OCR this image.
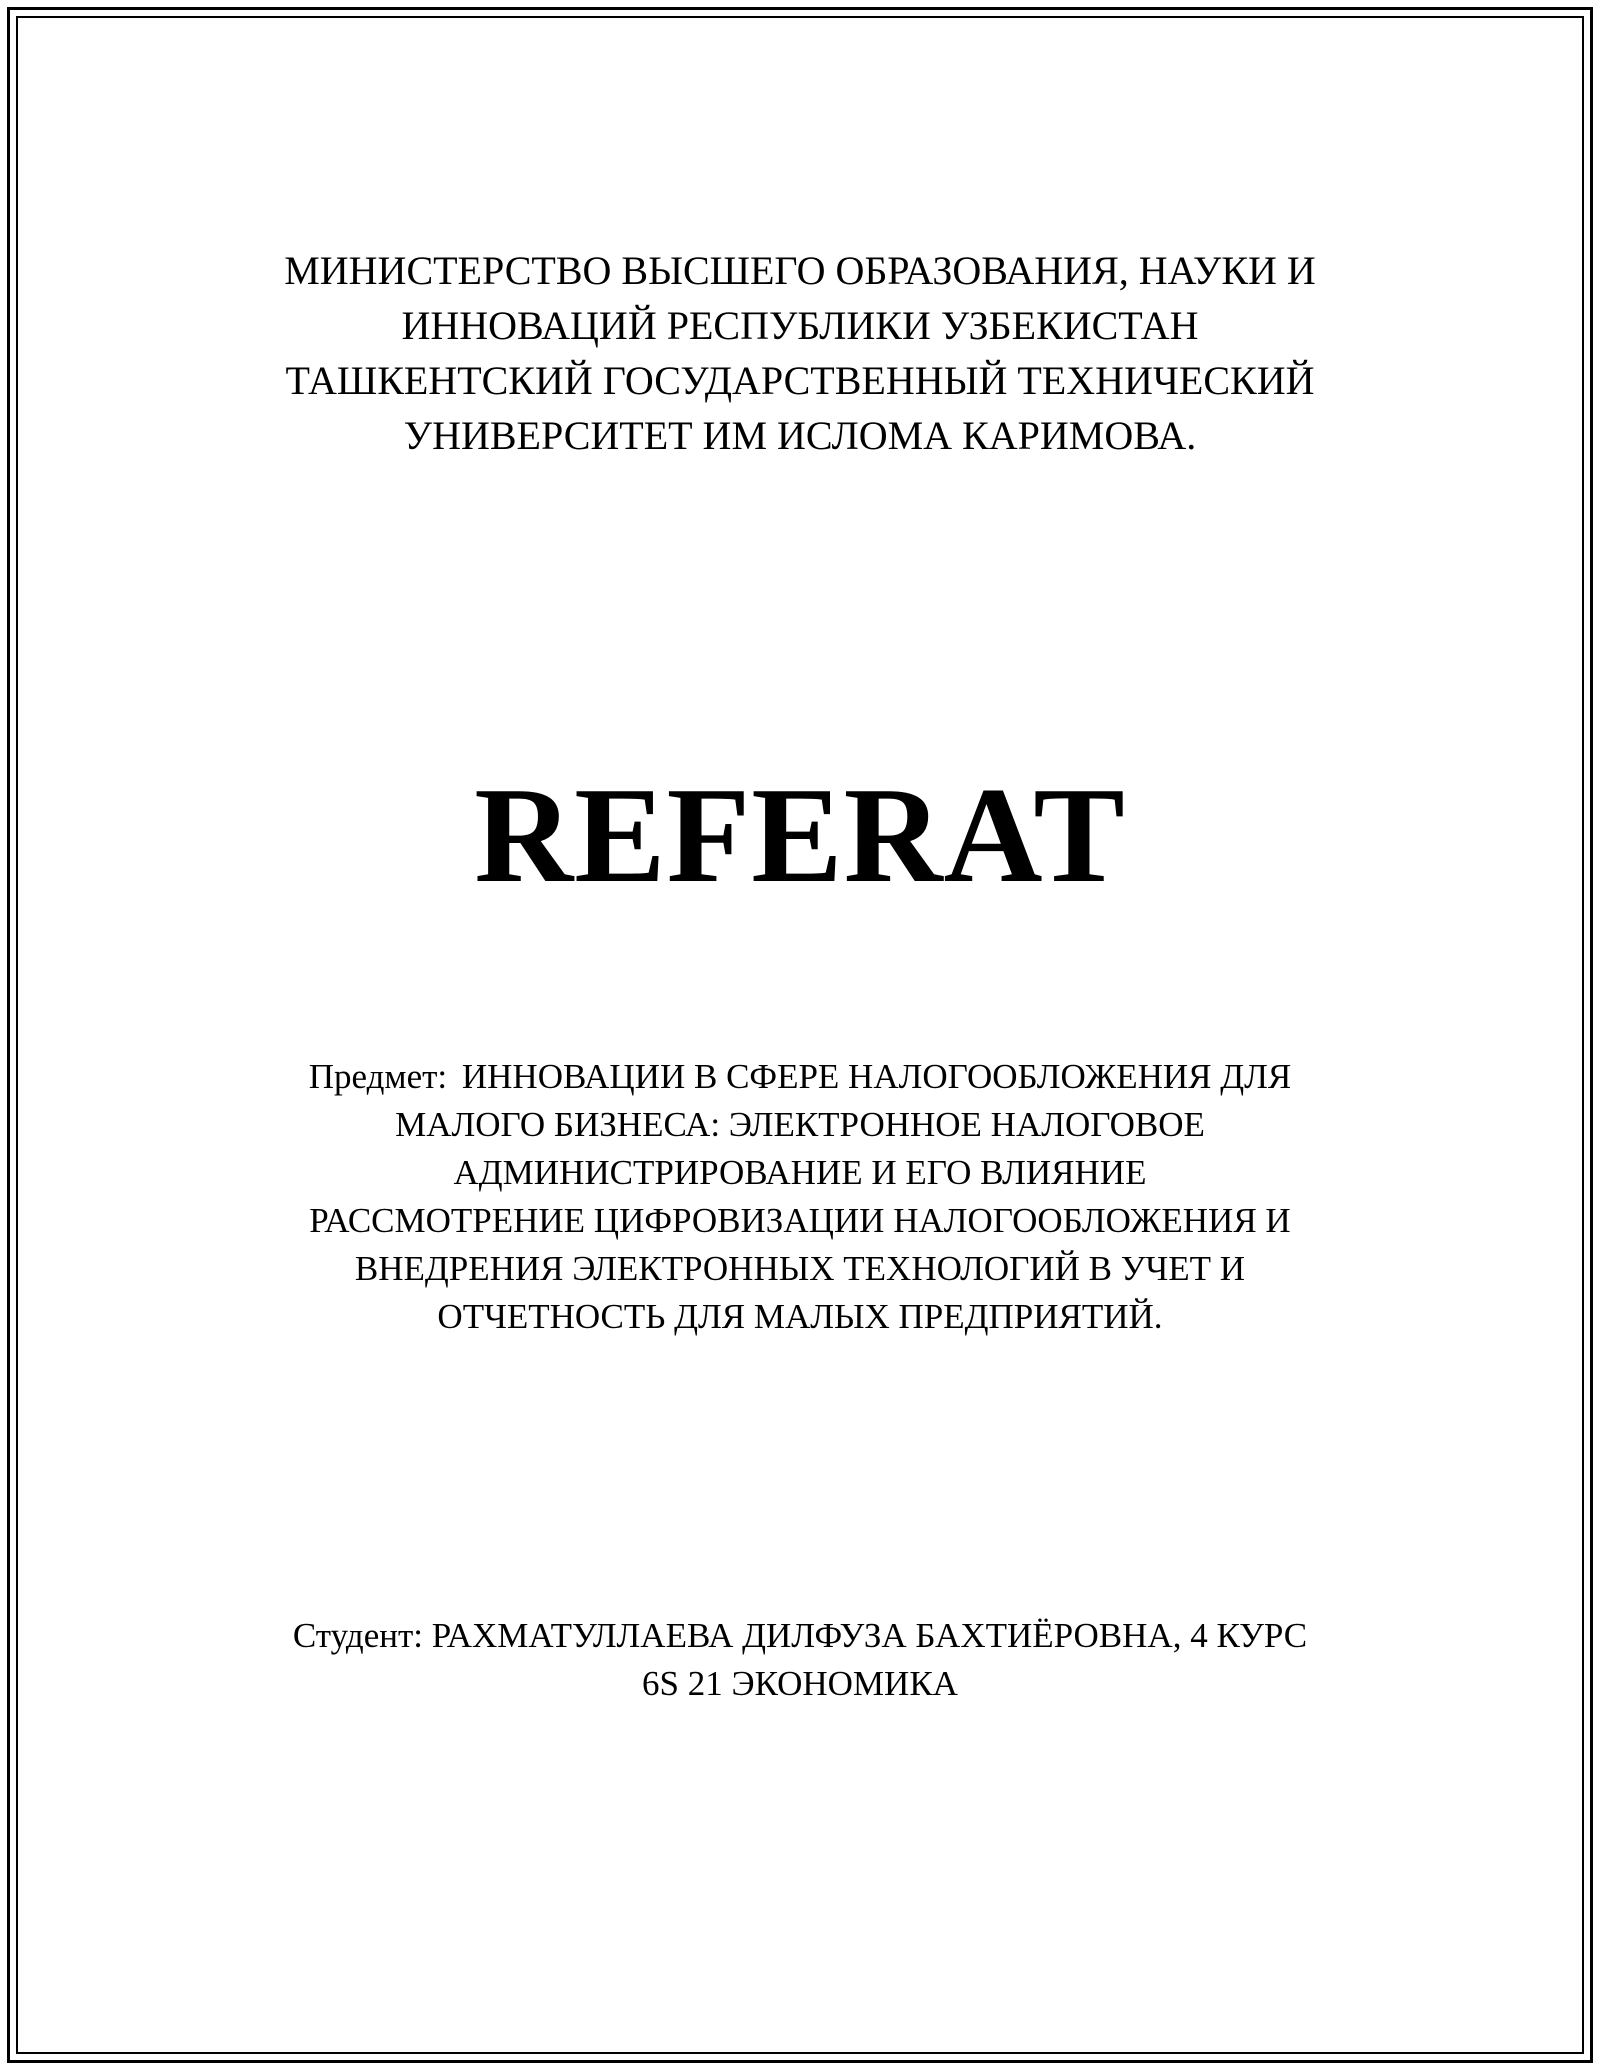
МИНИСТЕРСТВО ВЫСШЕГО ОБРАЗОВАНИЯ, НАУКИ И
ИННОВАЦИЙ РЕСПУБЛИКИ УЗБЕКИСТАН
ТАШКЕНТСКИЙ ГОСУДАРСТВЕННЫЙ ТЕХНИЧЕСКИЙ
УНИВЕРСИТЕТ ИМ ИСЛОМА КАРИМОВА.
REFERAT
Предмет: ИННОВАЦИИ В СФЕРЕ НАЛОГООБЛОЖЕНИЯ ДЛЯ
МАЛОГО БИЗНЕСА: ЭЛЕКТРОННОЕ НАЛОГОВОЕ
АДМИНИСТРИРОВАНИЕ И ЕГО ВЛИЯНИЕ
РАССМОТРЕНИЕ ЦИФРОВИЗАЦИИ НАЛОГООБЛОЖЕНИЯ И
ВНЕДРЕНИЯ ЭЛЕКТРОННЫХ ТЕХНОЛОГИЙ В УЧЕТ И
ОТЧЕТНОСТЬ ДЛЯ МАЛЫХ ПРЕДПРИЯТИЙ.
Студент: РАХМАТУЛЛАЕВА ДИЛФУЗА БАХТИЁРОВНА, 4 КУРС
6S 21 ЭКОНОМИКА
